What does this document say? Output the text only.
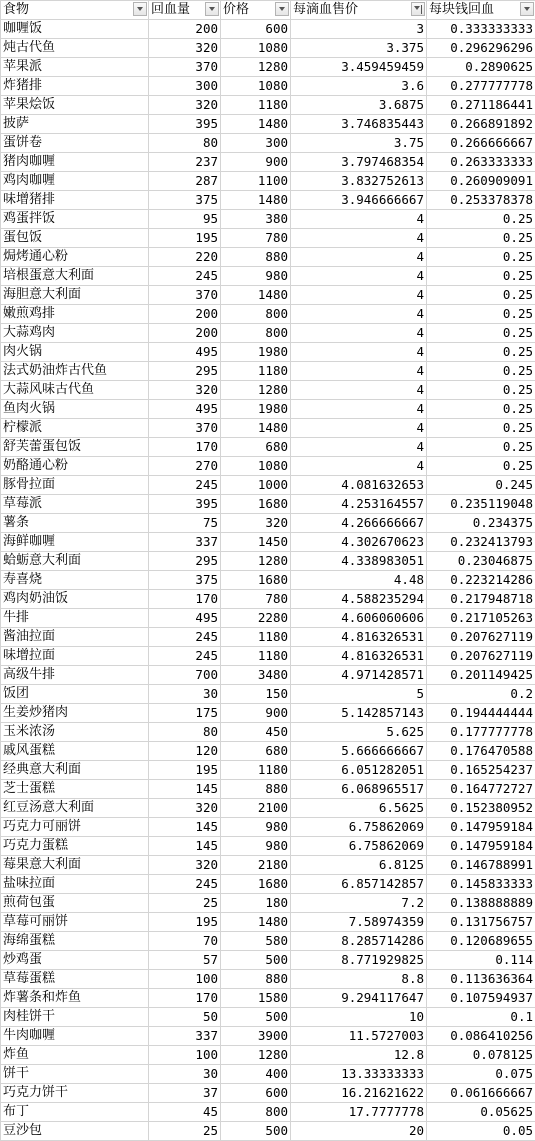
食物	回血量	价格	每滴血售价	每块钱回血

咖喱饭	200	600	3	0.333333333
炖古代鱼	320	1080	3.375	0.296296296
苹果派	370	1280	3.459459459	0.2890625
炸猪排	300	1080	3.6	0.277777778
苹果烩饭	320	1180	3.6875	0.271186441
披萨	395	1480	3.746835443	0.266891892
蛋饼卷	80	300	3.75	0.266666667
猪肉咖喱	237	900	3.797468354	0.263333333
鸡肉咖喱	287	1100	3.832752613	0.260909091
味增猪排	375	1480	3.946666667	0.253378378
鸡蛋拌饭	95	380	4	0.25
蛋包饭	195	780	4	0.25
焗烤通心粉	220	880	4	0.25
培根蛋意大利面	245	980	4	0.25
海胆意大利面	370	1480	4	0.25
嫩煎鸡排	200	800	4	0.25
大蒜鸡肉	200	800	4	0.25
肉火锅	495	1980	4	0.25
法式奶油炸古代鱼	295	1180	4	0.25
大蒜风味古代鱼	320	1280	4	0.25
鱼肉火锅	495	1980	4	0.25
柠檬派	370	1480	4	0.25
舒芙蕾蛋包饭	170	680	4	0.25
奶酪通心粉	270	1080	4	0.25
豚骨拉面	245	1000	4.081632653	0.245
草莓派	395	1680	4.253164557	0.235119048
薯条	75	320	4.266666667	0.234375
海鲜咖喱	337	1450	4.302670623	0.232413793
蛤蛎意大利面	295	1280	4.338983051	0.23046875
寿喜烧	375	1680	4.48	0.223214286
鸡肉奶油饭	170	780	4.588235294	0.217948718
牛排	495	2280	4.606060606	0.217105263
酱油拉面	245	1180	4.816326531	0.207627119
味增拉面	245	1180	4.816326531	0.207627119
高级牛排	700	3480	4.971428571	0.201149425
饭团	30	150	5	0.2
生姜炒猪肉	175	900	5.142857143	0.194444444
玉米浓汤	80	450	5.625	0.177777778
戚风蛋糕	120	680	5.666666667	0.176470588
经典意大利面	195	1180	6.051282051	0.165254237
芝士蛋糕	145	880	6.068965517	0.164772727
红豆汤意大利面	320	2100	6.5625	0.152380952
巧克力可丽饼	145	980	6.75862069	0.147959184
巧克力蛋糕	145	980	6.75862069	0.147959184
莓果意大利面	320	2180	6.8125	0.146788991
盐味拉面	245	1680	6.857142857	0.145833333
煎荷包蛋	25	180	7.2	0.138888889
草莓可丽饼	195	1480	7.58974359	0.131756757
海绵蛋糕	70	580	8.285714286	0.120689655
炒鸡蛋	57	500	8.771929825	0.114
草莓蛋糕	100	880	8.8	0.113636364
炸薯条和炸鱼	170	1580	9.294117647	0.107594937
肉桂饼干	50	500	10	0.1
牛肉咖喱	337	3900	11.5727003	0.086410256
炸鱼	100	1280	12.8	0.078125
饼干	30	400	13.33333333	0.075
巧克力饼干	37	600	16.21621622	0.061666667
布丁	45	800	17.7777778	0.05625
豆沙包	25	500	20	0.05
